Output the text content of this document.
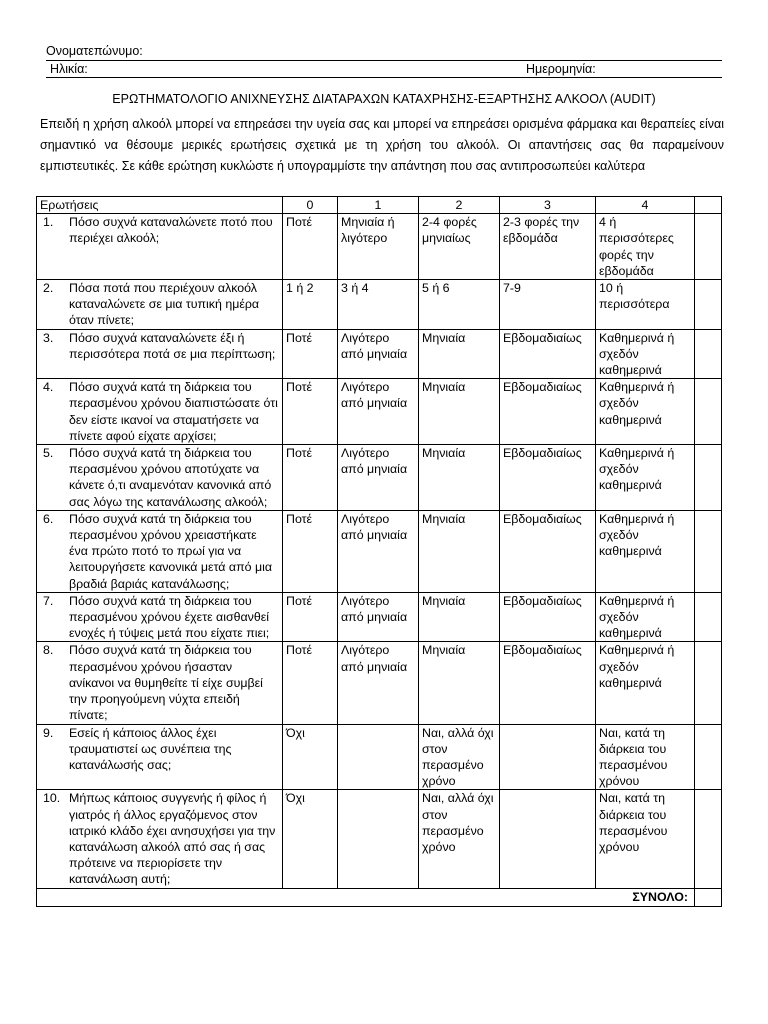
Ονοματεπώνυμο:
Ηλικία:	Ημερομηνία:
ΕΡΩΤΗΜΑΤΟΛΟΓΙΟ ΑΝΙΧΝΕΥΣΗΣ ΔΙΑΤΑΡΑΧΩΝ ΚΑΤΑΧΡΗΣΗΣ-ΕΞΑΡΤΗΣΗΣ ΑΛΚΟΟΛ (AUDIT)
Επειδή η χρήση αλκοόλ μπορεί να επηρεάσει την υγεία σας και μπορεί να επηρεάσει ορισμένα φάρμακα και θεραπείες είναι σημαντικό να θέσουμε μερικές ερωτήσεις σχετικά με τη χρήση του αλκοόλ. Οι απαντήσεις σας θα παραμείνουν εμπιστευτικές. Σε κάθε ερώτηση κυκλώστε ή υπογραμμίστε την απάντηση που σας αντιπροσωπεύει καλύτερα
Ερωτήσεις	0	1	2	3	4	

1. Πόσο συχνά καταναλώνετε ποτό που περιέχει αλκοόλ;	Ποτέ	Μηνιαία ή λιγότερο	2-4 φορές μηνιαίως	2-3 φορές την εβδομάδα	4 ή περισσότερες φορές την εβδομάδα	

2. Πόσα ποτά που περιέχουν αλκοόλ καταναλώνετε σε μια τυπική ημέρα όταν πίνετε;	1 ή 2	3 ή 4	5 ή 6	7-9	10 ή περισσότερα	

3. Πόσο συχνά καταναλώνετε έξι ή περισσότερα ποτά σε μια περίπτωση;	Ποτέ	Λιγότερο από μηνιαία	Μηνιαία	Εβδομαδιαίως	Καθημερινά ή σχεδόν καθημερινά	

4. Πόσο συχνά κατά τη διάρκεια του περασμένου χρόνου διαπιστώσατε ότι δεν είστε ικανοί να σταματήσετε να πίνετε αφού είχατε αρχίσει;	Ποτέ	Λιγότερο από μηνιαία	Μηνιαία	Εβδομαδιαίως	Καθημερινά ή σχεδόν καθημερινά	

5. Πόσο συχνά κατά τη διάρκεια του περασμένου χρόνου αποτύχατε να κάνετε ό,τι αναμενόταν κανονικά από σας λόγω της κατανάλωσης αλκοόλ;	Ποτέ	Λιγότερο από μηνιαία	Μηνιαία	Εβδομαδιαίως	Καθημερινά ή σχεδόν καθημερινά	

6. Πόσο συχνά κατά τη διάρκεια του περασμένου χρόνου χρειαστήκατε ένα πρώτο ποτό το πρωί για να λειτουργήσετε κανονικά μετά από μια βραδιά βαριάς κατανάλωσης;	Ποτέ	Λιγότερο από μηνιαία	Μηνιαία	Εβδομαδιαίως	Καθημερινά ή σχεδόν καθημερινά	

7. Πόσο συχνά κατά τη διάρκεια του περασμένου χρόνου έχετε αισθανθεί ενοχές ή τύψεις μετά που είχατε πιει;	Ποτέ	Λιγότερο από μηνιαία	Μηνιαία	Εβδομαδιαίως	Καθημερινά ή σχεδόν καθημερινά	

8. Πόσο συχνά κατά τη διάρκεια του περασμένου χρόνου ήσασταν ανίκανοι να θυμηθείτε τί είχε συμβεί την προηγούμενη νύχτα επειδή πίνατε;	Ποτέ	Λιγότερο από μηνιαία	Μηνιαία	Εβδομαδιαίως	Καθημερινά ή σχεδόν καθημερινά	

9. Εσείς ή κάποιος άλλος έχει τραυματιστεί ως συνέπεια της κατανάλωσής σας;	Όχι		Ναι, αλλά όχι στον περασμένο χρόνο		Ναι, κατά τη διάρκεια του περασμένου χρόνου	

10. Μήπως κάποιος συγγενής ή φίλος ή γιατρός ή άλλος εργαζόμενος στον ιατρικό κλάδο έχει ανησυχήσει για την κατανάλωση αλκοόλ από σας ή σας πρότεινε να περιορίσετε την κατανάλωση αυτή;	Όχι		Ναι, αλλά όχι στον περασμένο χρόνο		Ναι, κατά τη διάρκεια του περασμένου χρόνου	
ΣΥΝΟΛΟ:						
